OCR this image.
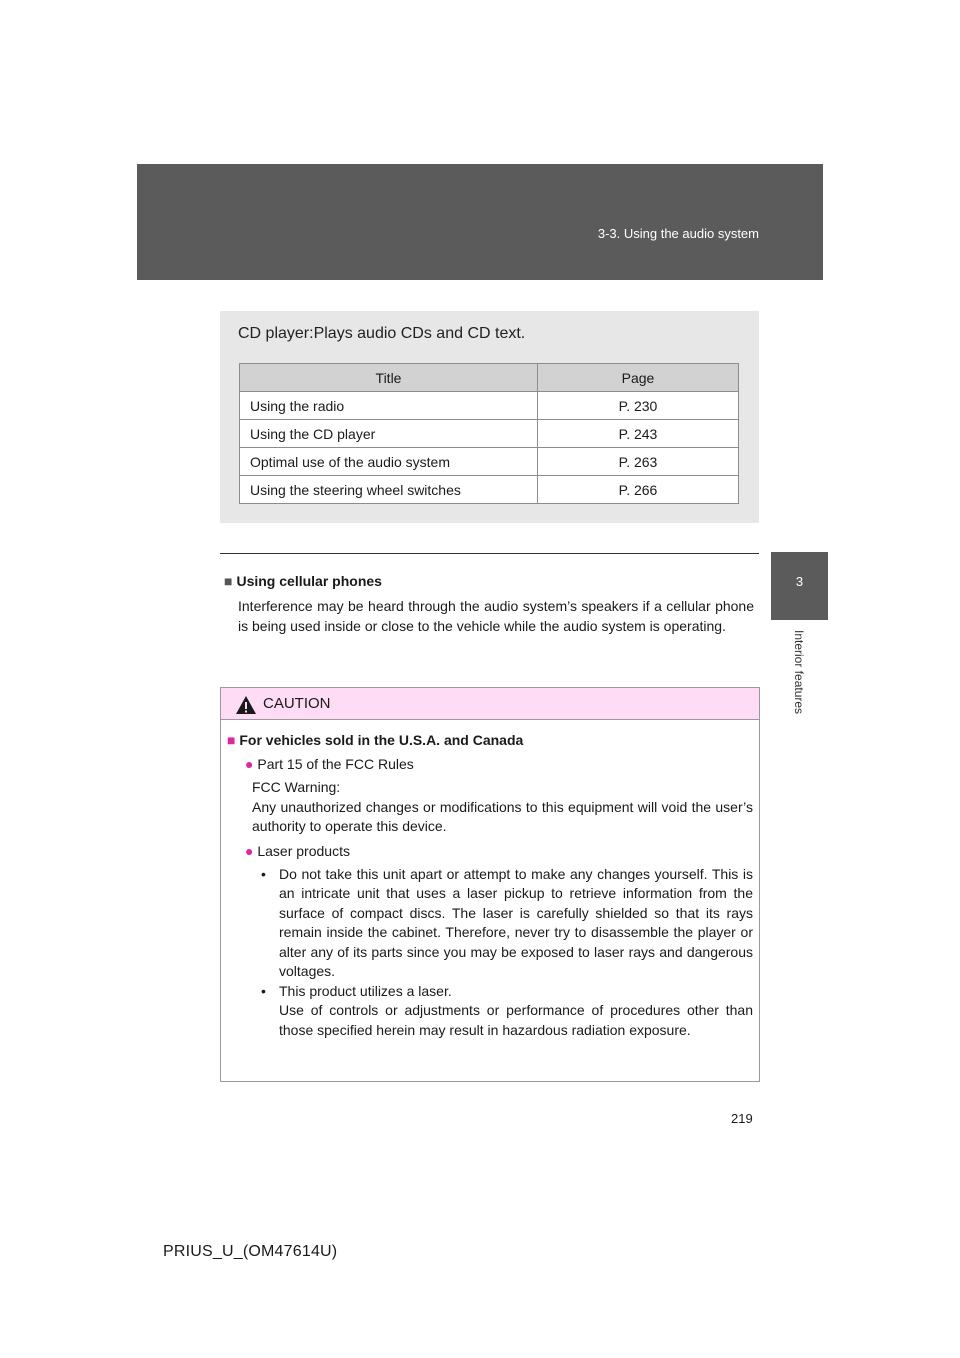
3-3. Using the audio system
3
Interior features
CD player:Plays audio CDs and CD text.
Title	Page
Using the radio	P. 230
Using the CD player	P. 243
Optimal use of the audio system	P. 263
Using the steering wheel switches	P. 266
■ Using cellular phones
Interference may be heard through the audio system’s speakers if a cellular phone is being used inside or close to the vehicle while the audio system is operating.
CAUTION
■ For vehicles sold in the U.S.A. and Canada
● Part 15 of the FCC Rules
FCC Warning:
Any unauthorized changes or modifications to this equipment will void the user’s authority to operate this device.
● Laser products
• Do not take this unit apart or attempt to make any changes yourself. This is an intricate unit that uses a laser pickup to retrieve information from the surface of compact discs. The laser is carefully shielded so that its rays remain inside the cabinet. Therefore, never try to disassemble the player or alter any of its parts since you may be exposed to laser rays and dangerous voltages.
• This product utilizes a laser.
Use of controls or adjustments or performance of procedures other than those specified herein may result in hazardous radiation exposure.
219
PRIUS_U_(OM47614U)
